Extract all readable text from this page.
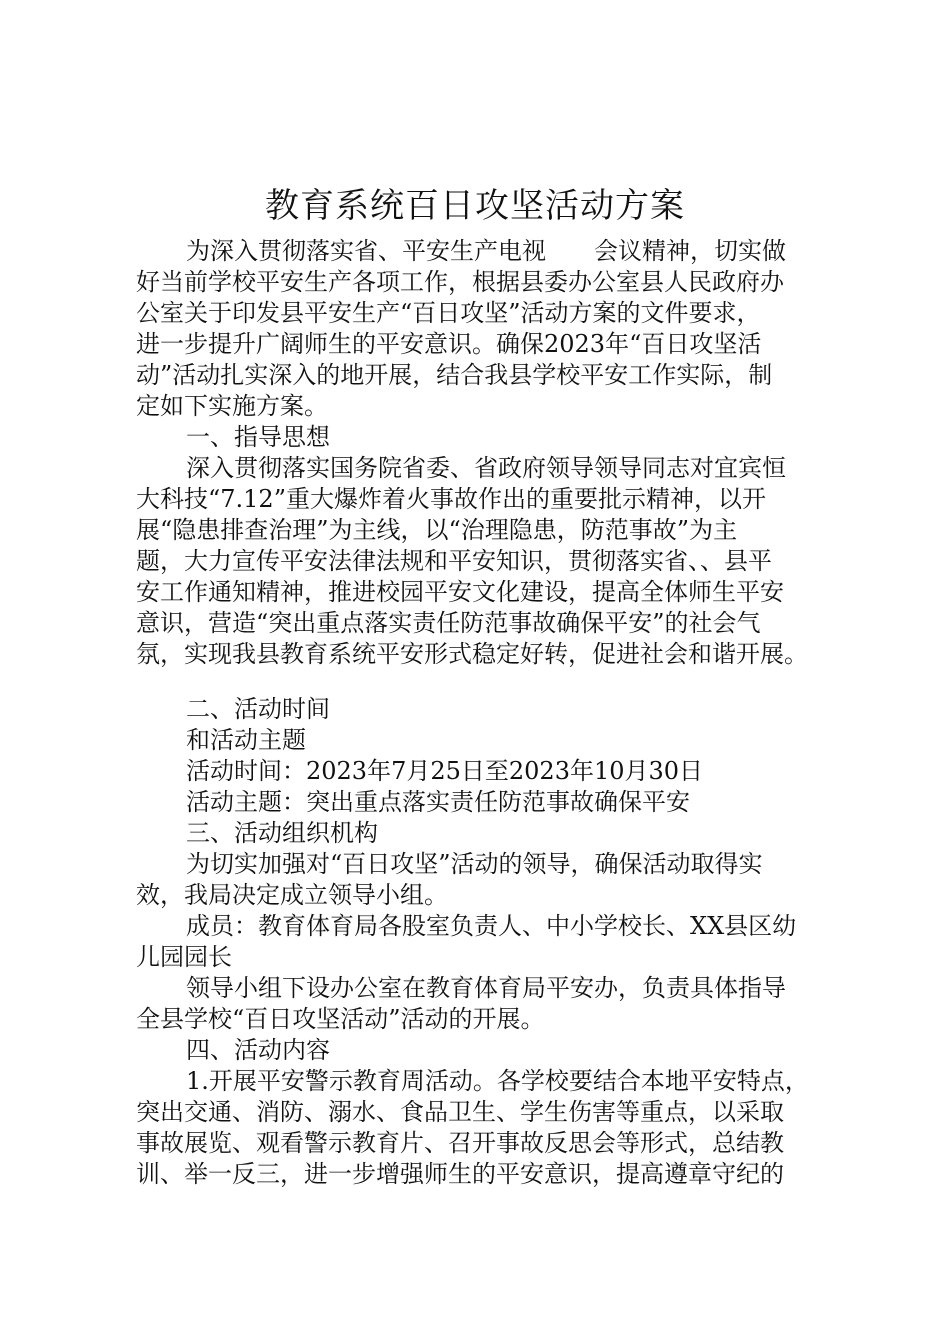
教育系统百日攻坚活动方案
为深入贯彻落实省、平安生产电视　　会议精神，切实做
好当前学校平安生产各项工作，根据县委办公室县人民政府办
公室关于印发县平安生产“百日攻坚”活动方案的文件要求，
进一步提升广阔师生的平安意识。确保2023年“百日攻坚活
动”活动扎实深入的地开展，结合我县学校平安工作实际，制
定如下实施方案。
一、指导思想
深入贯彻落实国务院省委、省政府领导领导同志对宜宾恒
大科技“7.12”重大爆炸着火事故作出的重要批示精神，以开
展“隐患排查治理”为主线，以“治理隐患，防范事故”为主
题，大力宣传平安法律法规和平安知识，贯彻落实省、、县平
安工作通知精神，推进校园平安文化建设，提高全体师生平安
意识，营造“突出重点落实责任防范事故确保平安”的社会气
氛，实现我县教育系统平安形式稳定好转，促进社会和谐开展。
二、活动时间
和活动主题
活动时间：2023年7月25日至2023年10月30日
活动主题：突出重点落实责任防范事故确保平安
三、活动组织机构
为切实加强对“百日攻坚”活动的领导，确保活动取得实
效，我局决定成立领导小组。
成员：教育体育局各股室负责人、中小学校长、XX县区幼
儿园园长
领导小组下设办公室在教育体育局平安办，负责具体指导
全县学校“百日攻坚活动”活动的开展。
四、活动内容
1.开展平安警示教育周活动。各学校要结合本地平安特点，
突出交通、消防、溺水、食品卫生、学生伤害等重点，以采取
事故展览、观看警示教育片、召开事故反思会等形式，总结教
训、举一反三，进一步增强师生的平安意识，提高遵章守纪的
